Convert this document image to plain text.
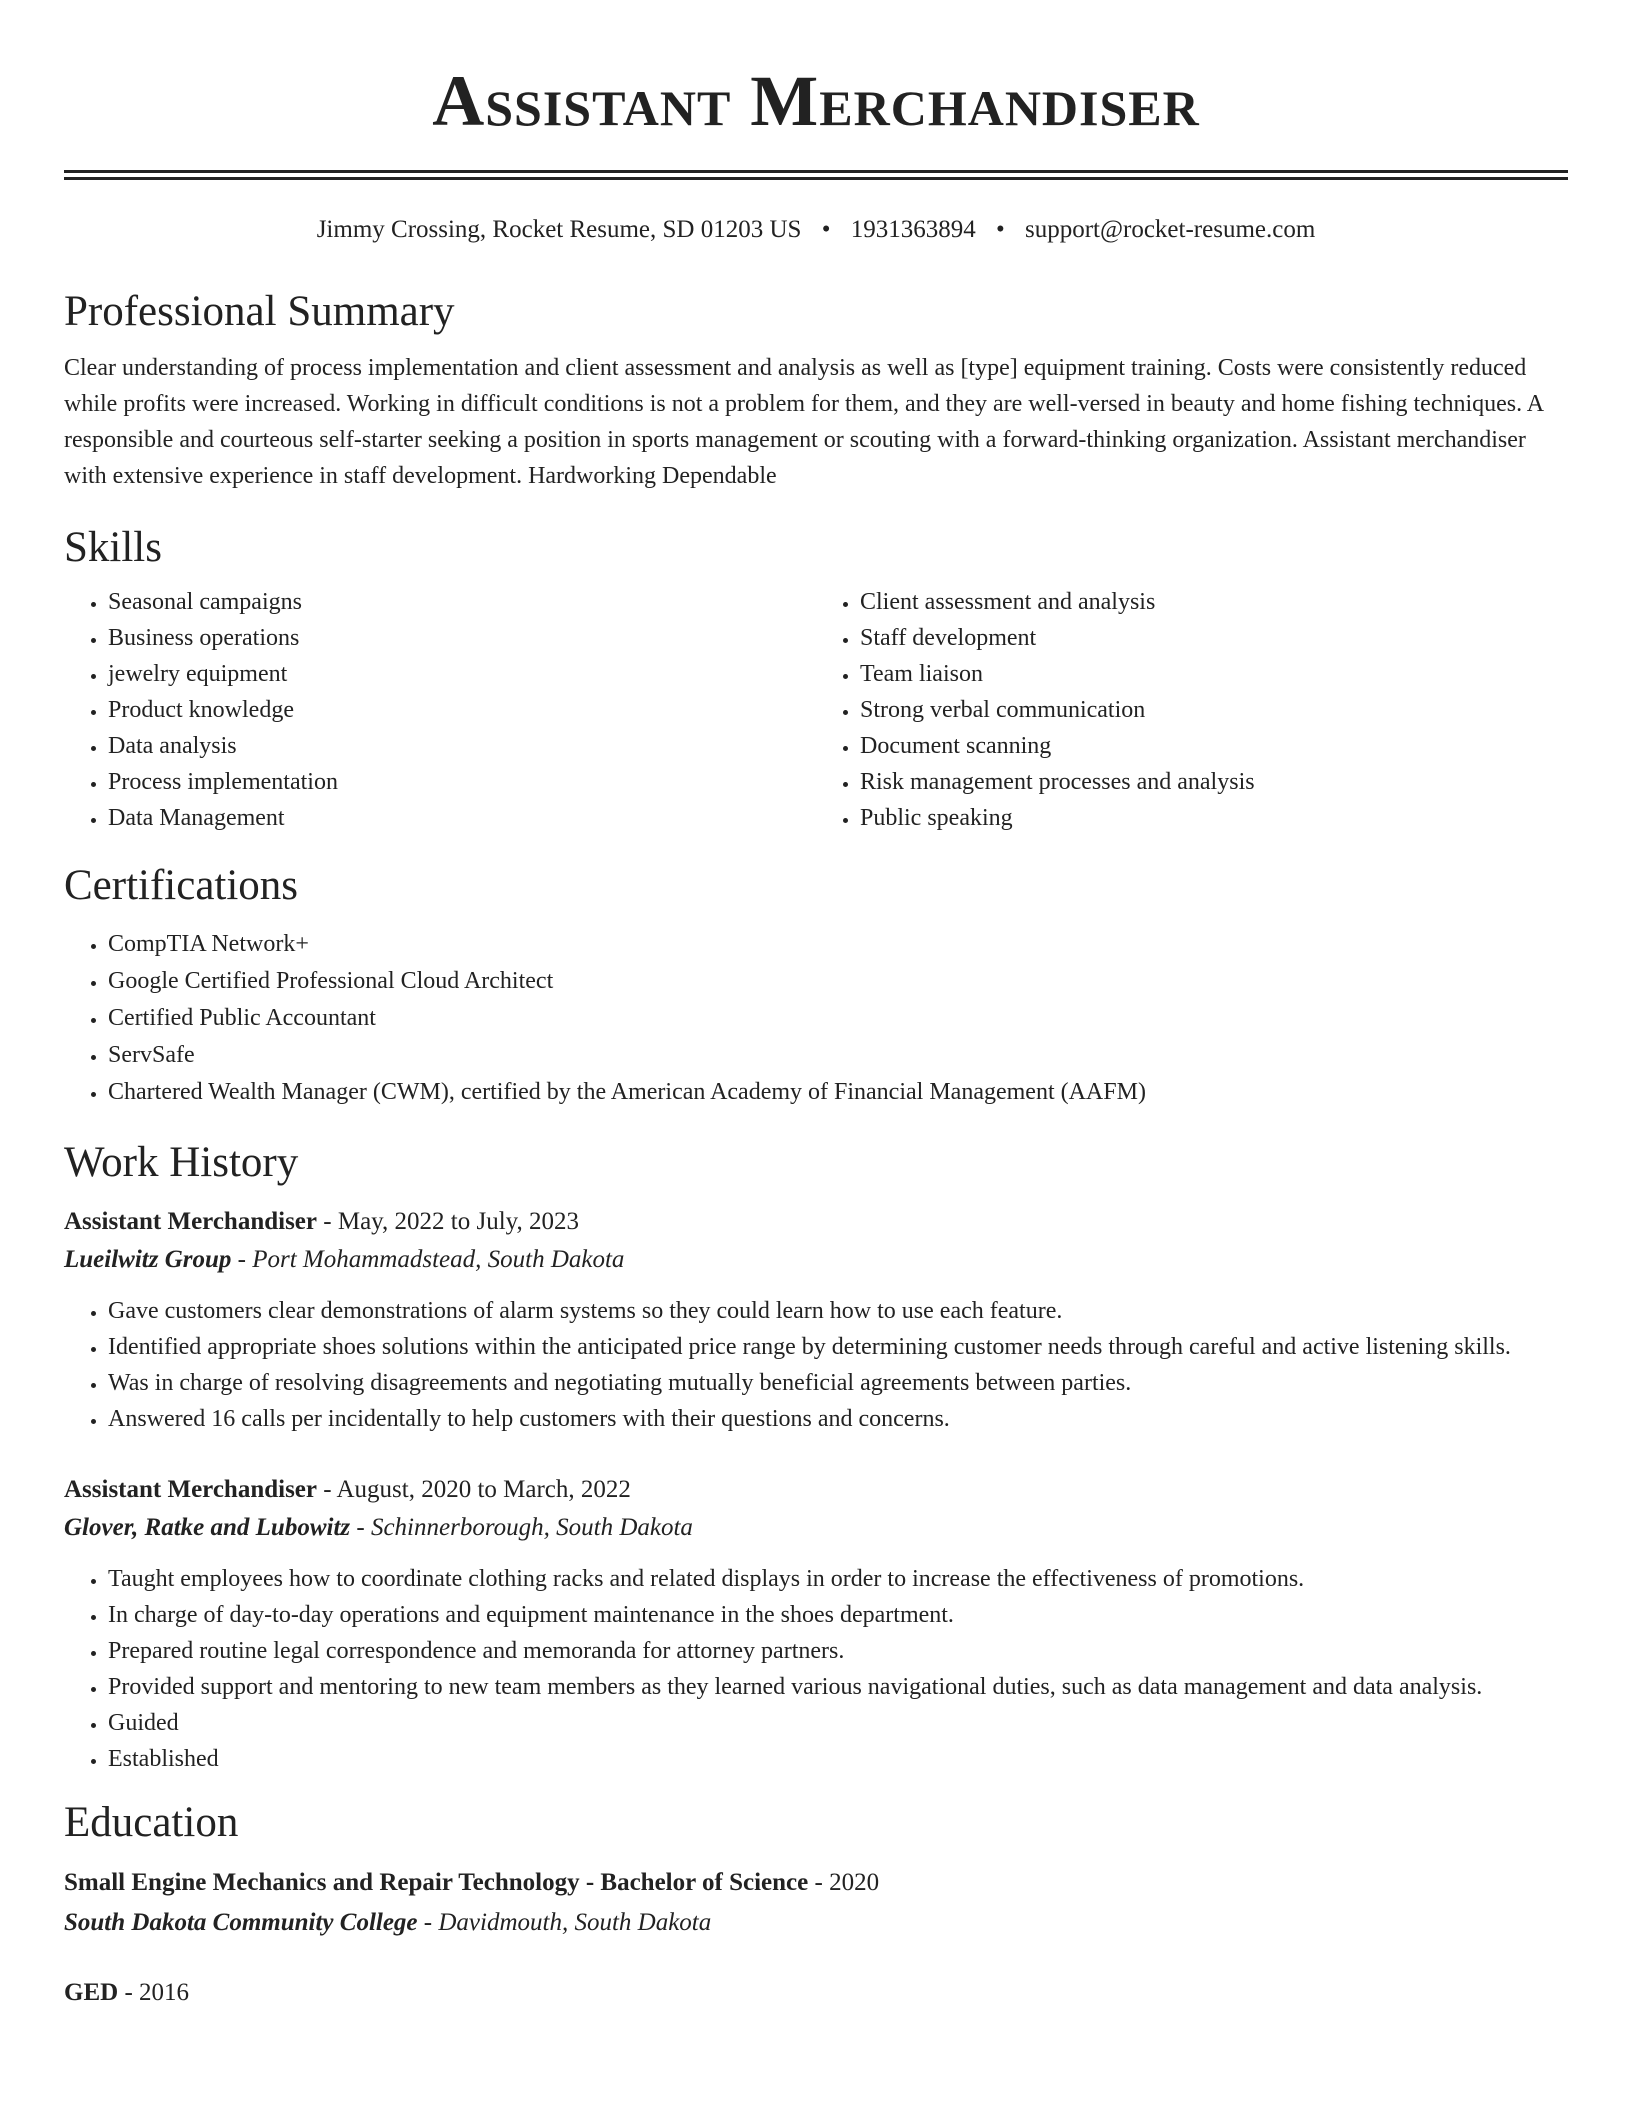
Assistant Merchandiser
Jimmy Crossing, Rocket Resume, SD 01203 US • 1931363894 • support@rocket-resume.com
Professional Summary

Clear understanding of process implementation and client assessment and analysis as well as [type] equipment training. Costs were consistently reduced while profits were increased. Working in difficult conditions is not a problem for them, and they are well-versed in beauty and home fishing techniques. A responsible and courteous self-starter seeking a position in sports management or scouting with a forward-thinking organization. Assistant merchandiser with extensive experience in staff development. Hardworking Dependable

Skills
• Seasonal campaigns
• Business operations
• jewelry equipment
• Product knowledge
• Data analysis
• Process implementation
• Data Management
• Client assessment and analysis
• Staff development
• Team liaison
• Strong verbal communication
• Document scanning
• Risk management processes and analysis
• Public speaking
Certifications
• CompTIA Network+
• Google Certified Professional Cloud Architect
• Certified Public Accountant
• ServSafe
• Chartered Wealth Manager (CWM), certified by the American Academy of Financial Management (AAFM)
Work History
Assistant Merchandiser - May, 2022 to July, 2023
Lueilwitz Group - Port Mohammadstead, South Dakota
• Gave customers clear demonstrations of alarm systems so they could learn how to use each feature.
• Identified appropriate shoes solutions within the anticipated price range by determining customer needs through careful and active listening skills.
• Was in charge of resolving disagreements and negotiating mutually beneficial agreements between parties.
• Answered 16 calls per incidentally to help customers with their questions and concerns.
Assistant Merchandiser - August, 2020 to March, 2022
Glover, Ratke and Lubowitz - Schinnerborough, South Dakota
• Taught employees how to coordinate clothing racks and related displays in order to increase the effectiveness of promotions.
• In charge of day-to-day operations and equipment maintenance in the shoes department.
• Prepared routine legal correspondence and memoranda for attorney partners.
• Provided support and mentoring to new team members as they learned various navigational duties, such as data management and data analysis.
• Guided
• Established
Education
Small Engine Mechanics and Repair Technology - Bachelor of Science - 2020
South Dakota Community College - Davidmouth, South Dakota
GED - 2016
